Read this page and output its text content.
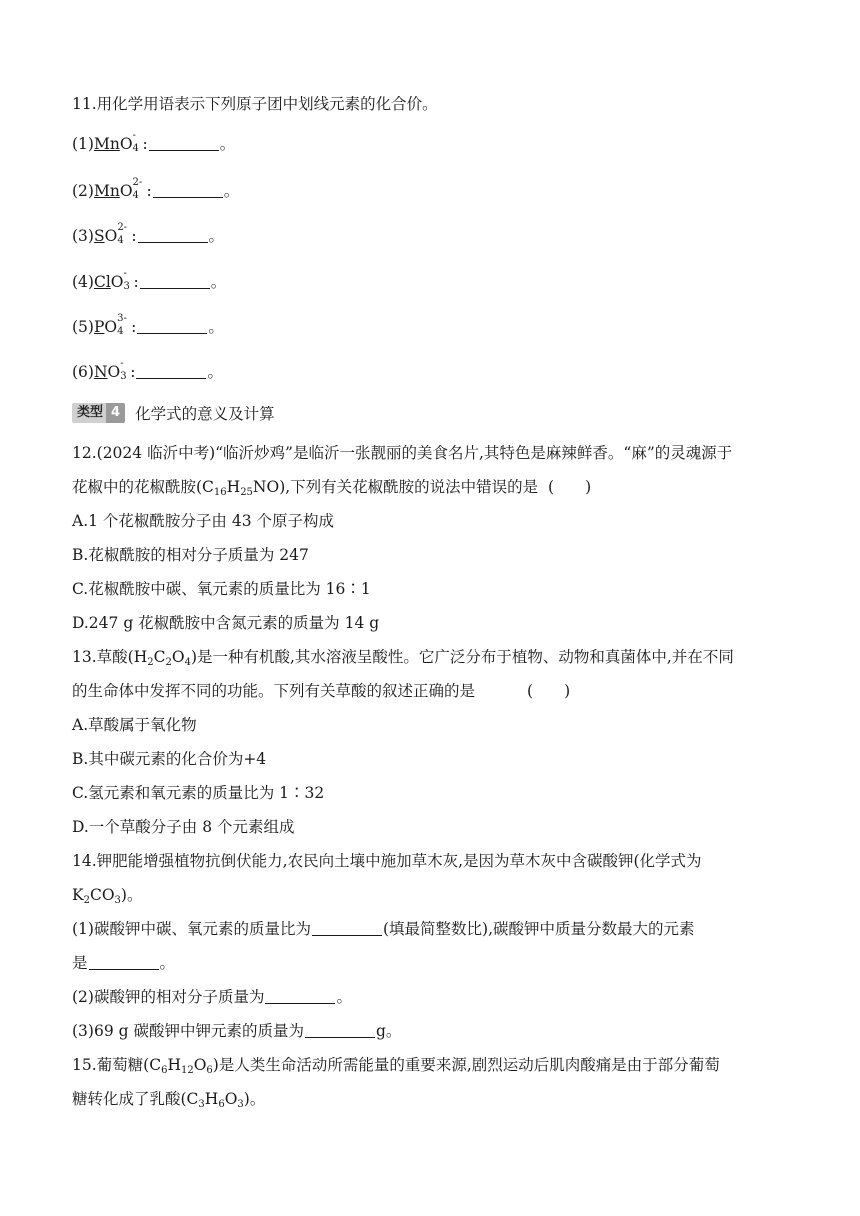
11.用化学用语表示下列原子团中划线元素的化合价。
(1)MnO -
4 :	。
(2)MnO 2-
4 :	。
(3)SO 2-
4 :	。
(4)ClO -
3 :	。
(5)PO 3-
4 :	。
(6)NO -
3 :	。
类型 4 化学式的意义及计算
12.(2024 临沂中考)“临沂炒鸡”是临沂一张靓丽的美食名片,其特色是麻辣鲜香。“麻”的灵魂源于
花椒中的花椒酰胺$(C_{16}H_{25}NO)$,下列有关花椒酰胺的说法中错误的是 (　　)
A.1 个花椒酰胺分子由 43 个原子构成
B.花椒酰胺的相对分子质量为 247
C.花椒酰胺中碳、氧元素的质量比为 16∶1
D.247 g 花椒酰胺中含氮元素的质量为 14 g
13.草酸$(H_2C_2O_4)$是一种有机酸,其水溶液呈酸性。它广泛分布于植物、动物和真菌体中,并在不同
的生命体中发挥不同的功能。下列有关草酸的叙述正确的是	(　　)
A.草酸属于氧化物
B.其中碳元素的化合价为+4
C.氢元素和氧元素的质量比为 1∶32
D.一个草酸分子由 8 个元素组成
14.钾肥能增强植物抗倒伏能力,农民向土壤中施加草木灰,是因为草木灰中含碳酸钾(化学式为
$K_2CO_3$)。
(1)碳酸钾中碳、氧元素的质量比为	(填最简整数比),碳酸钾中质量分数最大的元素
是	。
(2)碳酸钾的相对分子质量为	。
(3)69 g 碳酸钾中钾元素的质量为	g。
15.葡萄糖$(C_6H_{12}O_6)$是人类生命活动所需能量的重要来源,剧烈运动后肌肉酸痛是由于部分葡萄
糖转化成了乳酸$(C_3H_6O_3)$。
